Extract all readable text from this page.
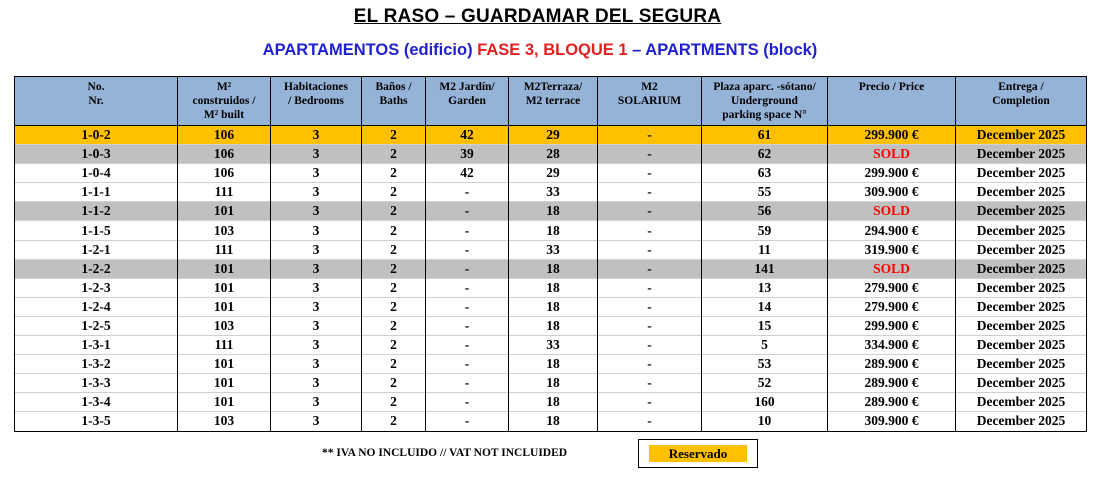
EL RASO – GUARDAMAR DEL SEGURA
APARTAMENTOS (edificio) FASE 3, BLOQUE 1 – APARTMENTS (block)
No.
Nr.	M²
construidos /
M² built	Habitaciones
/ Bedrooms	Baños /
Baths	M2 Jardín/
Garden	M2Terraza/
M2 terrace	M2
SOLARIUM	Plaza aparc. -sótano/
Underground
parking space N°	Precio / Price	Entrega /
Completion
1-0-2	106	3	2	42	29	-	61	299.900 €	December 2025
1-0-3	106	3	2	39	28	-	62	SOLD	December 2025
1-0-4	106	3	2	42	29	-	63	299.900 €	December 2025
1-1-1	111	3	2	-	33	-	55	309.900 €	December 2025
1-1-2	101	3	2	-	18	-	56	SOLD	December 2025
1-1-5	103	3	2	-	18	-	59	294.900 €	December 2025
1-2-1	111	3	2	-	33	-	11	319.900 €	December 2025
1-2-2	101	3	2	-	18	-	141	SOLD	December 2025
1-2-3	101	3	2	-	18	-	13	279.900 €	December 2025
1-2-4	101	3	2	-	18	-	14	279.900 €	December 2025
1-2-5	103	3	2	-	18	-	15	299.900 €	December 2025
1-3-1	111	3	2	-	33	-	5	334.900 €	December 2025
1-3-2	101	3	2	-	18	-	53	289.900 €	December 2025
1-3-3	101	3	2	-	18	-	52	289.900 €	December 2025
1-3-4	101	3	2	-	18	-	160	289.900 €	December 2025
1-3-5	103	3	2	-	18	-	10	309.900 €	December 2025
** IVA NO INCLUIDO // VAT NOT INCLUIDED	Reservado
